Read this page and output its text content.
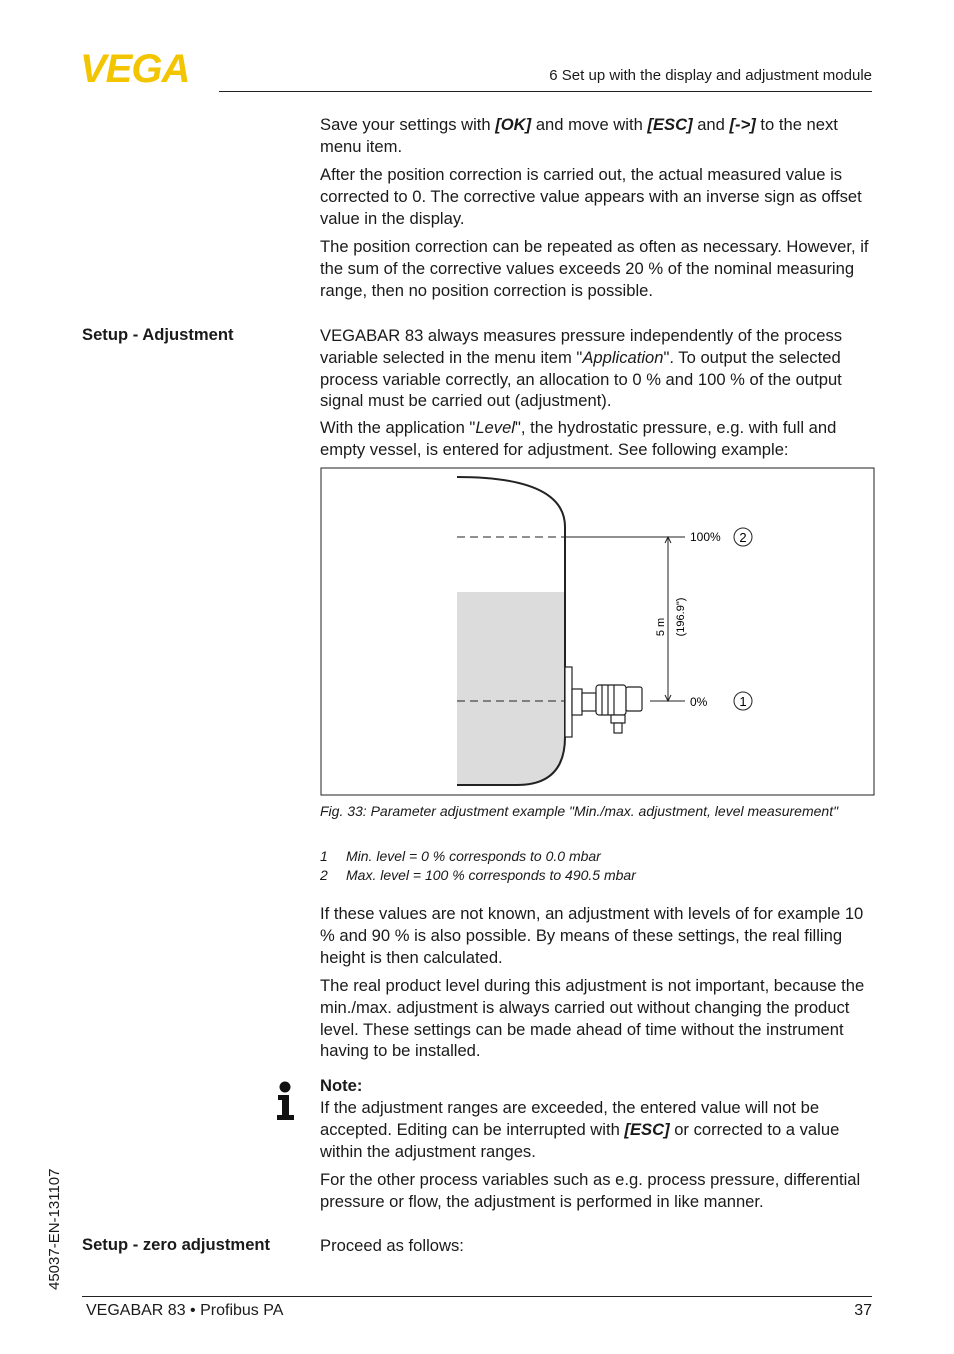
VEGA	6 Set up with the display and adjustment module

Save your settings with [OK] and move with [ESC] and [->] to the next menu item.

After the position correction is carried out, the actual measured value is corrected to 0. The corrective value appears with an inverse sign as offset value in the display.

The position correction can be repeated as often as necessary. However, if the sum of the corrective values exceeds 20 % of the nominal measuring range, then no position correction is possible.

Setup - Adjustment	VEGABAR 83 always measures pressure independently of the process variable selected in the menu item "Application". To output the selected process variable correctly, an allocation to 0 % and 100 % of the output signal must be carried out (adjustment).

With the application "Level", the hydrostatic pressure, e.g. with full and empty vessel, is entered for adjustment. See following example:

5 m (196.9")
100% 2
0% 1

Fig. 33: Parameter adjustment example "Min./max. adjustment, level measurement"

1 Min. level = 0 % corresponds to 0.0 mbar

2 Max. level = 100 % corresponds to 490.5 mbar

If these values are not known, an adjustment with levels of for example 10 % and 90 % is also possible. By means of these settings, the real filling height is then calculated.

The real product level during this adjustment is not important, because the min./max. adjustment is always carried out without changing the product level. These settings can be made ahead of time without the instrument having to be installed.

Note:

If the adjustment ranges are exceeded, the entered value will not be accepted. Editing can be interrupted with [ESC] or corrected to a value within the adjustment ranges.

For the other process variables such as e.g. process pressure, differential pressure or flow, the adjustment is performed in like manner.

Setup - zero adjustment	Proceed as follows:

45037-EN-131107
VEGABAR 83 • Profibus PA	37
